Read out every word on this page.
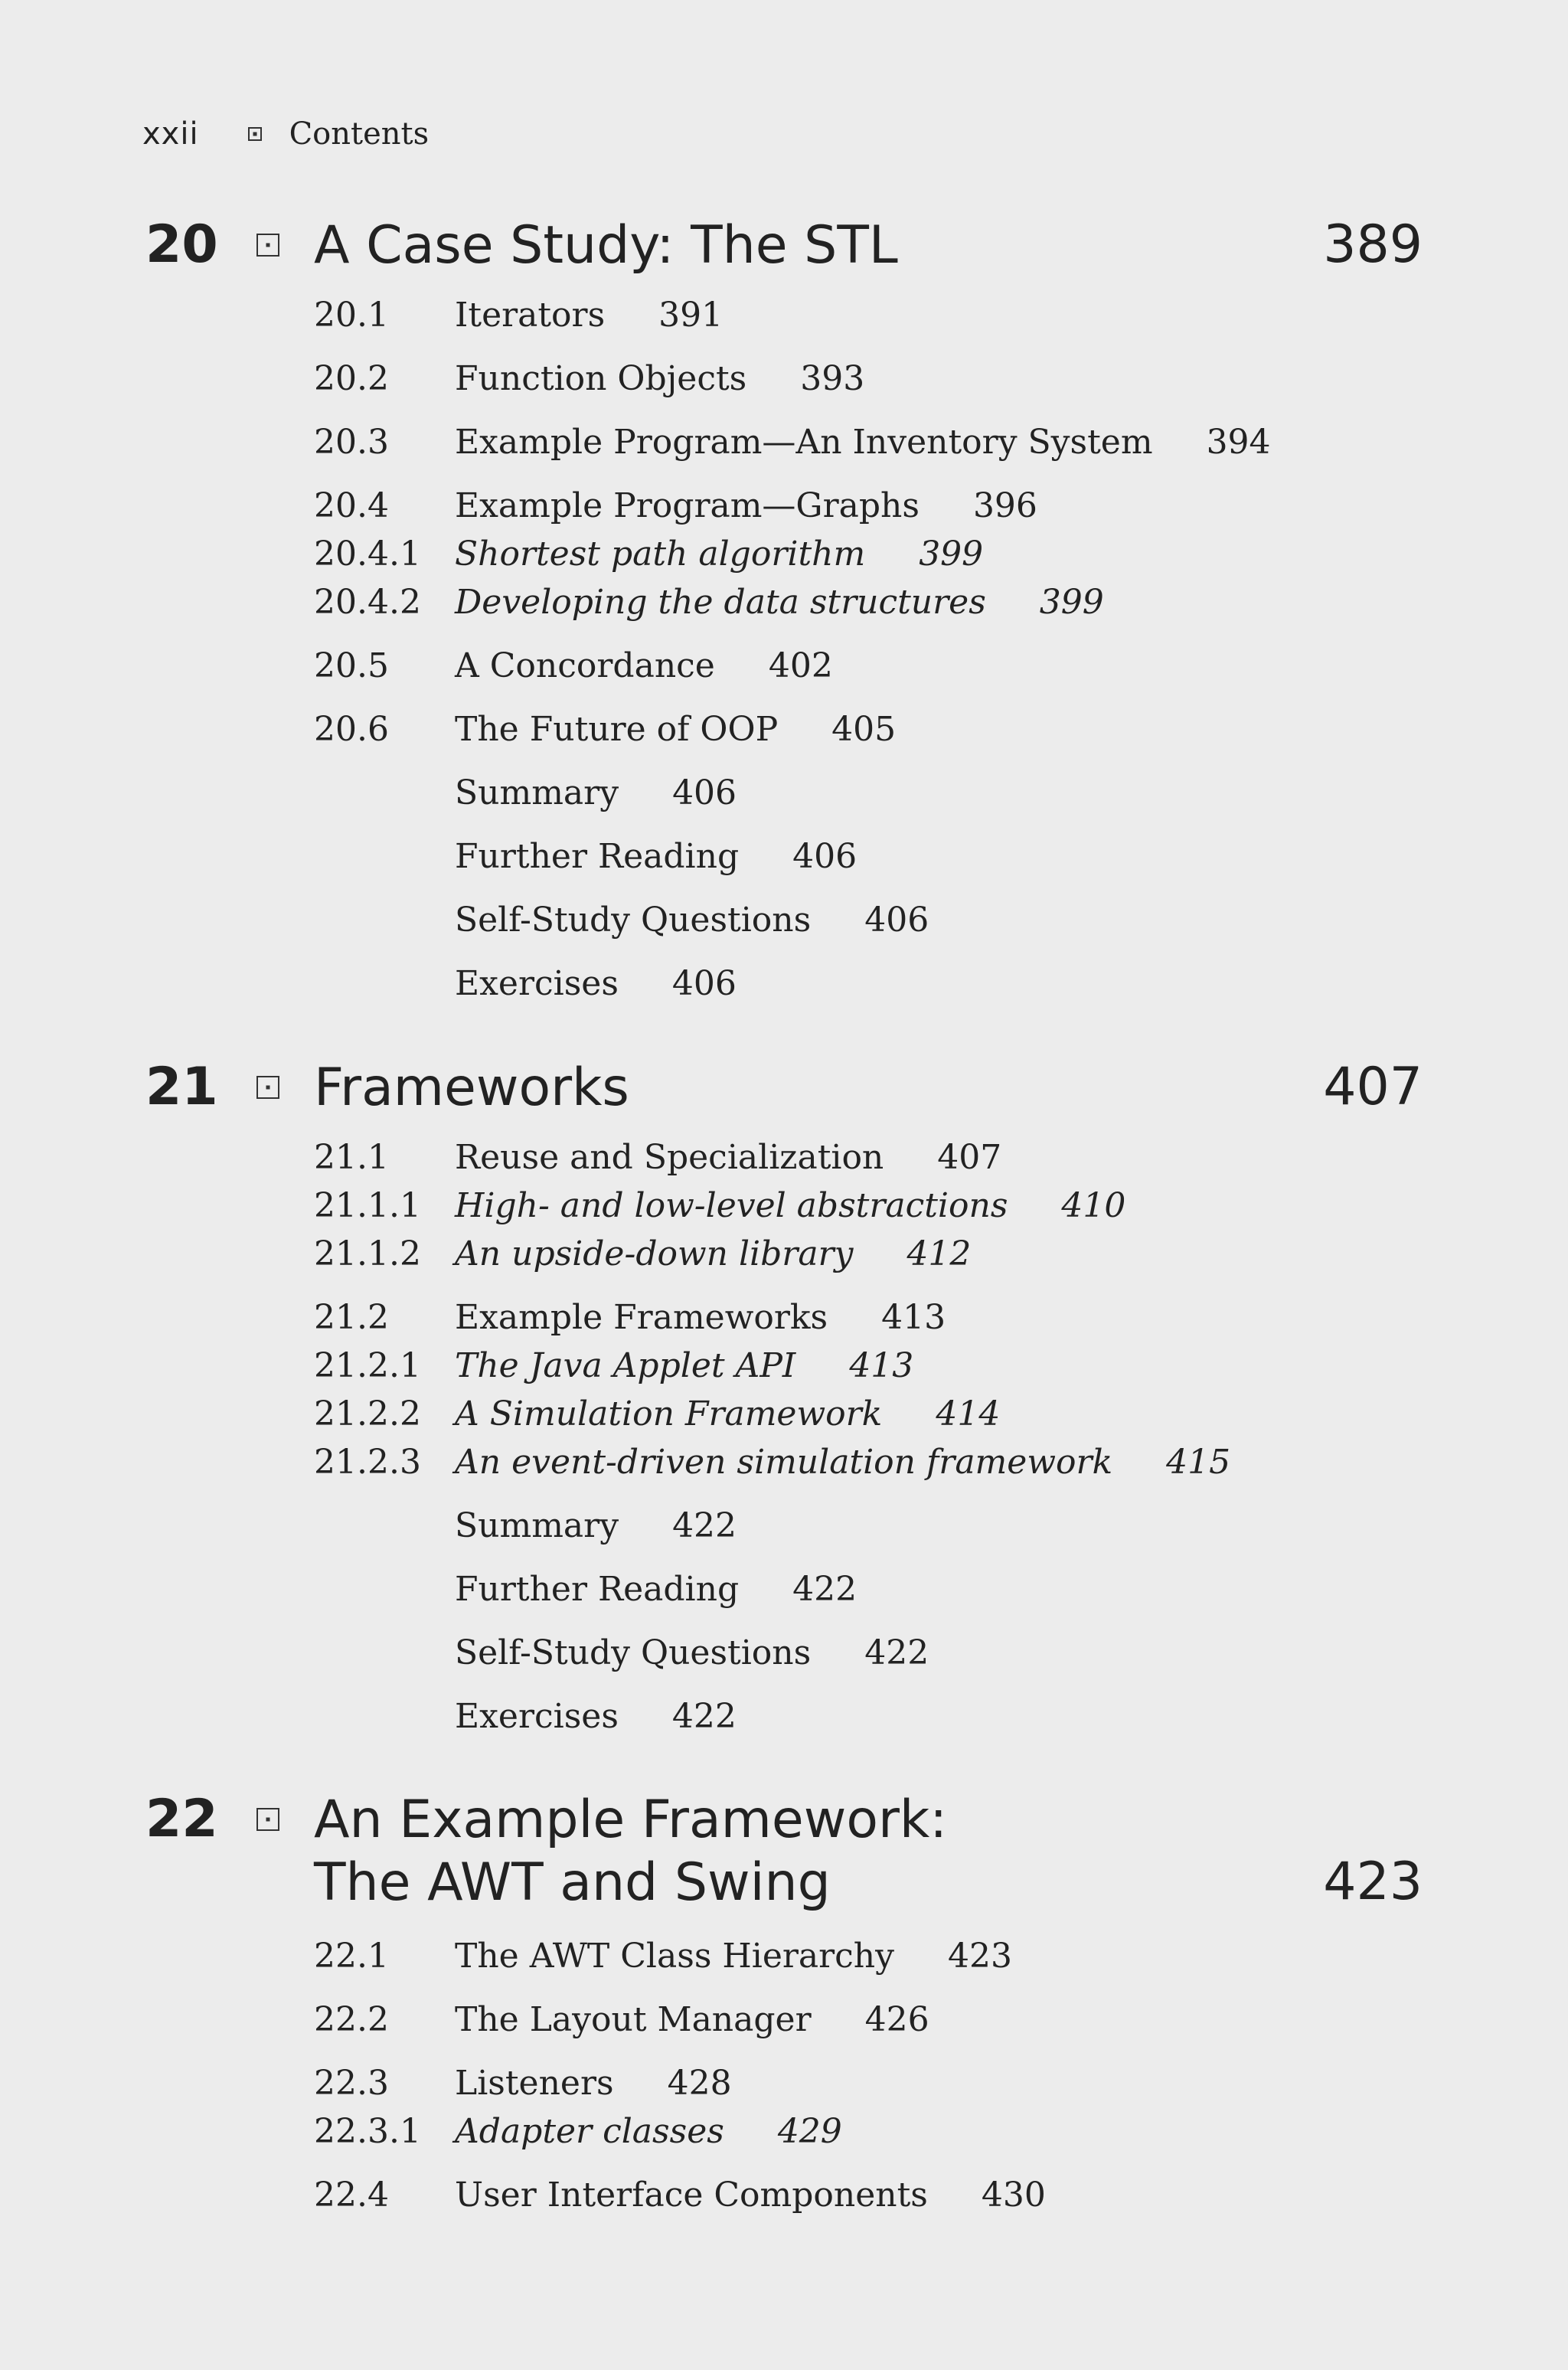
xxii	Contents
20 A Case Study: The STL	389
20.1 Iterators 391
20.2 Function Objects 393
20.3 Example Program—An Inventory System 394
20.4 Example Program—Graphs 396
20.4.1 Shortest path algorithm 399
20.4.2 Developing the data structures 399
20.5 A Concordance 402
20.6 The Future of OOP 405
Summary 406
Further Reading 406
Self-Study Questions 406
Exercises 406
21 Frameworks	407
21.1 Reuse and Specialization 407
21.1.1 High- and low-level abstractions 410
21.1.2 An upside-down library 412
21.2 Example Frameworks 413
21.2.1 The Java Applet API 413
21.2.2 A Simulation Framework 414
21.2.3 An event-driven simulation framework 415
Summary 422
Further Reading 422
Self-Study Questions 422
Exercises 422
22 An Example Framework:
The AWT and Swing	423
22.1 The AWT Class Hierarchy 423
22.2 The Layout Manager 426
22.3 Listeners 428
22.3.1 Adapter classes 429
22.4 User Interface Components 430
